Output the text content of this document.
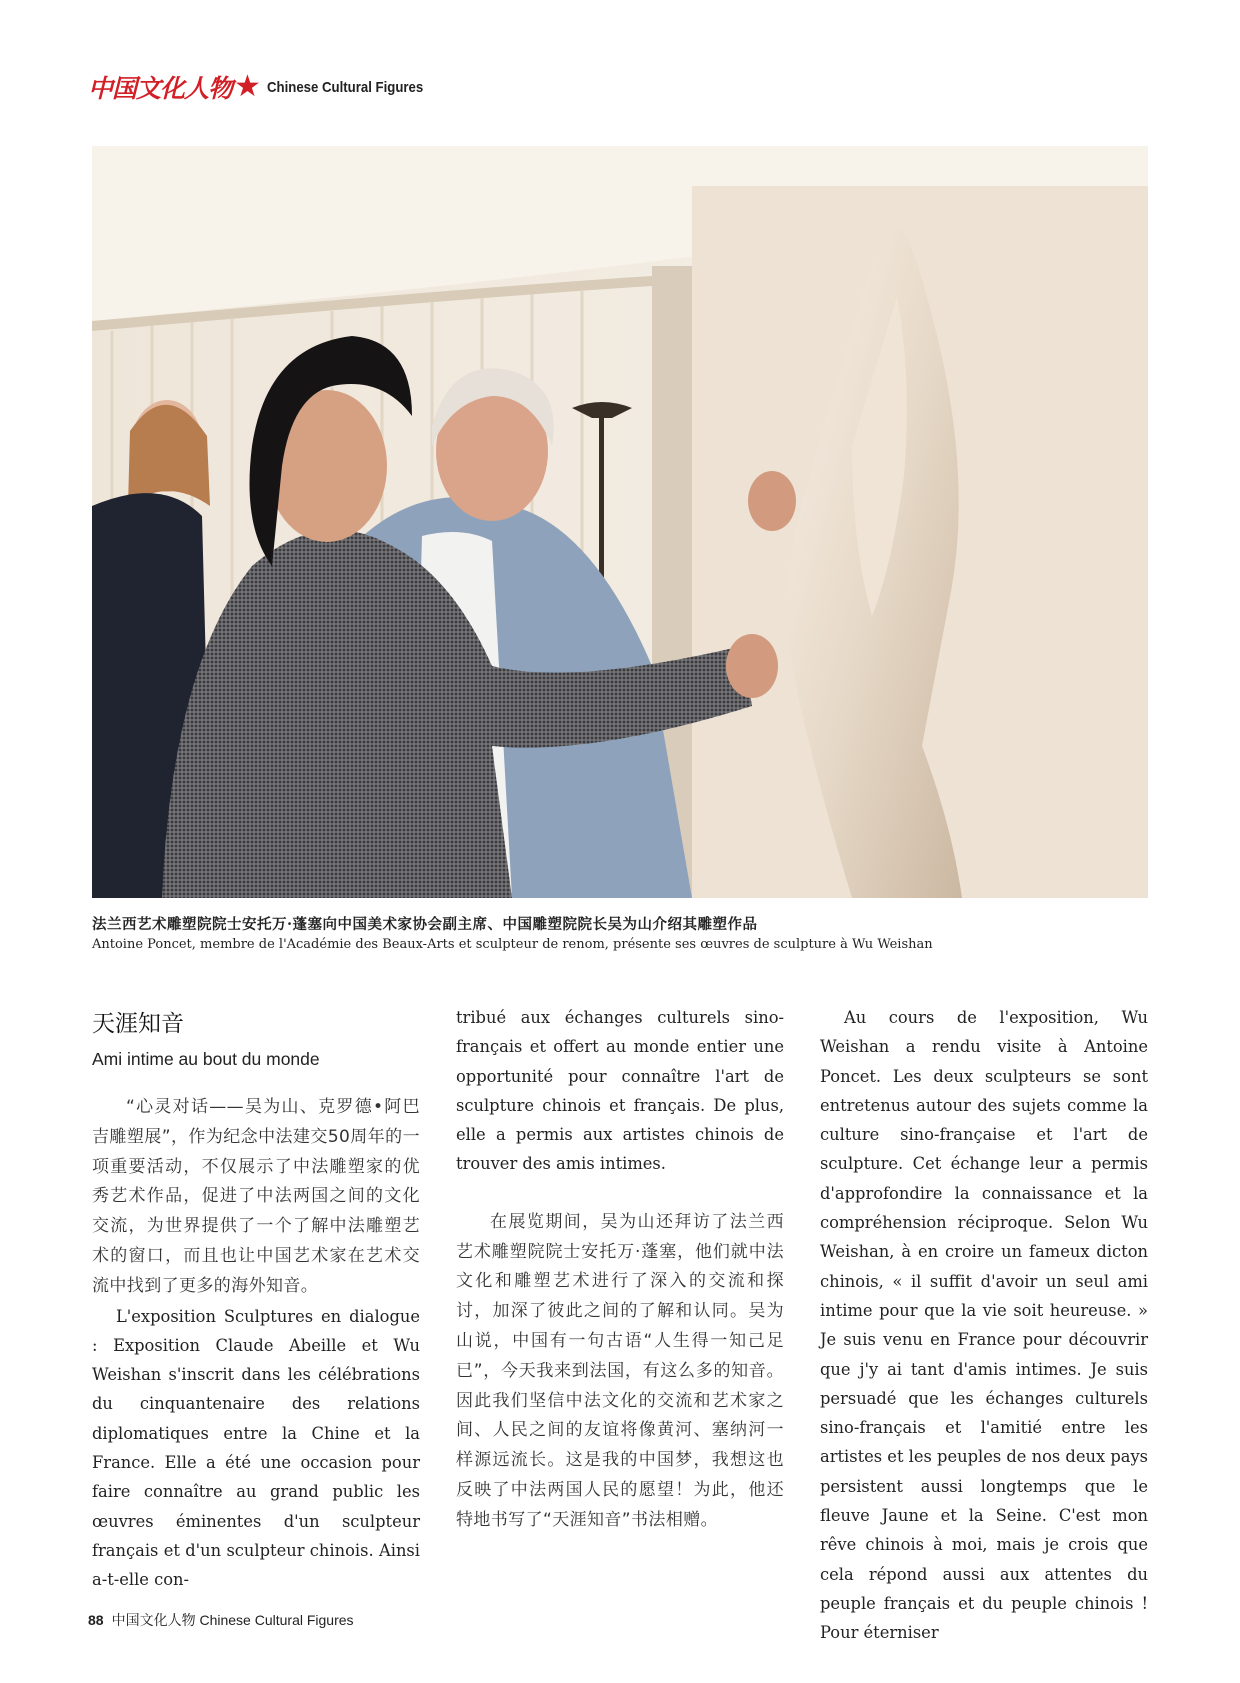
中国文化人物 ★ Chinese Cultural Figures
法兰西艺术雕塑院院士安托万·蓬塞向中国美术家协会副主席、中国雕塑院院长吴为山介绍其雕塑作品
Antoine Poncet, membre de l'Académie des Beaux-Arts et sculpteur de renom, présente ses œuvres de sculpture à Wu Weishan
天涯知音
Ami intime au bout du monde

“心灵对话——吴为山、克罗德•阿巴吉雕塑展”，作为纪念中法建交50周年的一项重要活动，不仅展示了中法雕塑家的优秀艺术作品，促进了中法两国之间的文化交流，为世界提供了一个了解中法雕塑艺术的窗口，而且也让中国艺术家在艺术交流中找到了更多的海外知音。

L'exposition Sculptures en dialogue : Exposition Claude Abeille et Wu Weishan s'inscrit dans les célébrations du cinquantenaire des relations diplomatiques entre la Chine et la France. Elle a été une occasion pour faire connaître au grand public les œuvres éminentes d'un sculpteur français et d'un sculpteur chinois. Ainsi a-t-elle con-

tribué aux échanges culturels sino-français et offert au monde entier une opportunité pour connaître l'art de sculpture chinois et français. De plus, elle a permis aux artistes chinois de trouver des amis intimes.

在展览期间，吴为山还拜访了法兰西艺术雕塑院院士安托万·蓬塞，他们就中法文化和雕塑艺术进行了深入的交流和探讨，加深了彼此之间的了解和认同。吴为山说，中国有一句古语“人生得一知己足已”，今天我来到法国，有这么多的知音。因此我们坚信中法文化的交流和艺术家之间、人民之间的友谊将像黄河、塞纳河一样源远流长。这是我的中国梦，我想这也反映了中法两国人民的愿望！为此，他还特地书写了“天涯知音”书法相赠。

Au cours de l'exposition, Wu Weishan a rendu visite à Antoine Poncet. Les deux sculpteurs se sont entretenus autour des sujets comme la culture sino-française et l'art de sculpture. Cet échange leur a permis d'approfondire la connaissance et la compréhension réciproque. Selon Wu Weishan, à en croire un fameux dicton chinois, « il suffit d'avoir un seul ami intime pour que la vie soit heureuse. » Je suis venu en France pour découvrir que j'y ai tant d'amis intimes. Je suis persuadé que les échanges culturels sino-français et l'amitié entre les artistes et les peuples de nos deux pays persistent aussi longtemps que le fleuve Jaune et la Seine. C'est mon rêve chinois à moi, mais je crois que cela répond aussi aux attentes du peuple français et du peuple chinois ! Pour éterniser

88 中国文化人物 Chinese Cultural Figures
